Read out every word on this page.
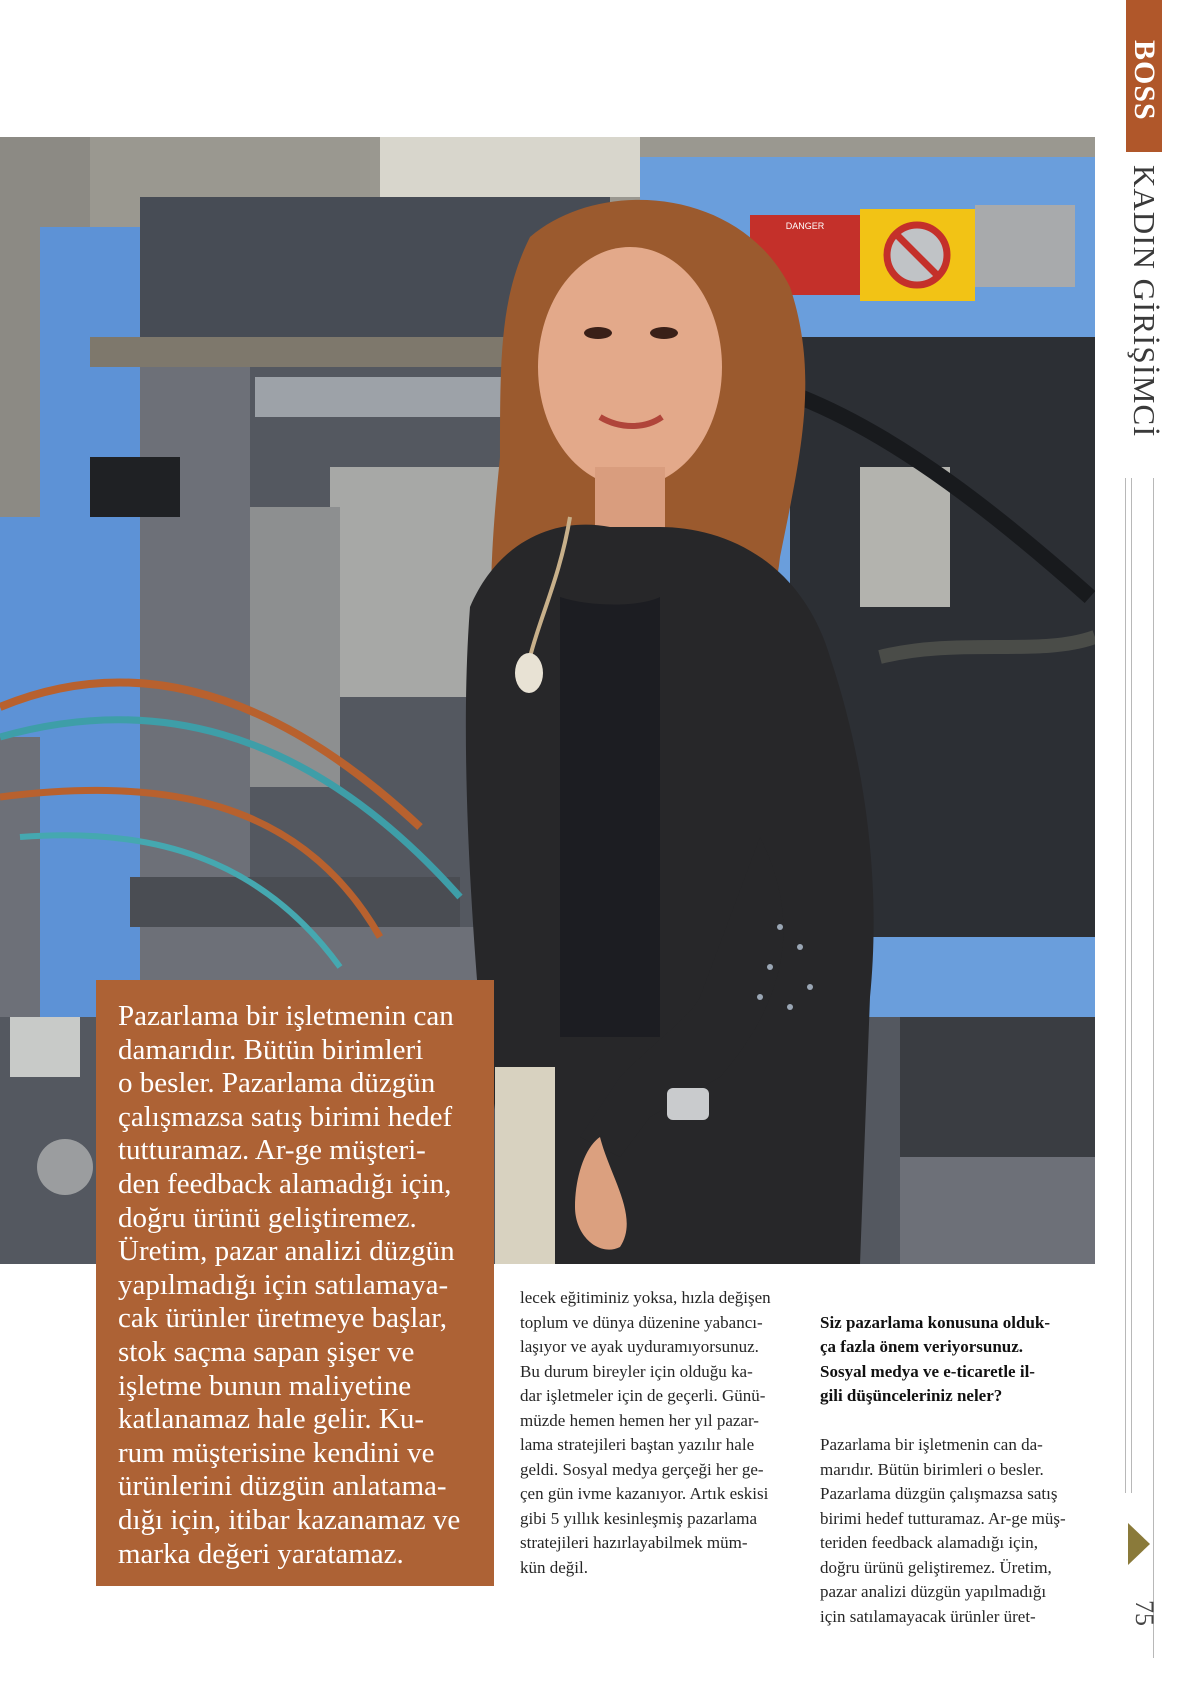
BOSS
KADIN GİRİŞİMCİ
75
DANGER

Pazarlama bir işletmenin can
damarıdır. Bütün birimleri
o besler. Pazarlama düzgün
çalışmazsa satış birimi hedef
tutturamaz. Ar-ge müşteri-
den feedback alamadığı için,
doğru ürünü geliştiremez.
Üretim, pazar analizi düzgün
yapılmadığı için satılamaya-
cak ürünler üretmeye başlar,
stok saçma sapan şişer ve
işletme bunun maliyetine
katlanamaz hale gelir. Ku-
rum müşterisine kendini ve
ürünlerini düzgün anlatama-
dığı için, itibar kazanamaz ve
marka değeri yaratamaz.

lecek eğitiminiz yoksa, hızla değişen
toplum ve dünya düzenine yabancı-
laşıyor ve ayak uyduramıyorsunuz.
Bu durum bireyler için olduğu ka-
dar işletmeler için de geçerli. Günü-
müzde hemen hemen her yıl pazar-
lama stratejileri baştan yazılır hale
geldi. Sosyal medya gerçeği her ge-
çen gün ivme kazanıyor. Artık eskisi
gibi 5 yıllık kesinleşmiş pazarlama
stratejileri hazırlayabilmek müm-
kün değil.

Siz pazarlama konusuna olduk-
ça fazla önem veriyorsunuz.
Sosyal medya ve e-ticaretle il-
gili düşünceleriniz neler?

Pazarlama bir işletmenin can da-
marıdır. Bütün birimleri o besler.
Pazarlama düzgün çalışmazsa satış
birimi hedef tutturamaz. Ar-ge müş-
teriden feedback alamadığı için,
doğru ürünü geliştiremez. Üretim,
pazar analizi düzgün yapılmadığı
için satılamayacak ürünler üret-
